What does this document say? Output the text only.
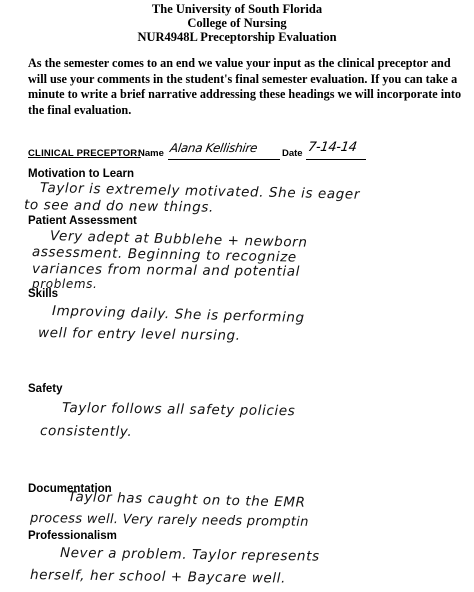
The University of South Florida
College of Nursing
NUR4948L Preceptorship Evaluation
As the semester comes to an end we value your input as the clinical preceptor and will use your comments in the student's final semester evaluation. If you can take a minute to write a brief narrative addressing these headings we will incorporate into the final evaluation.
CLINICAL PRECEPTOR:
Name Alana Kellishire	Date 7-14-14
Motivation to Learn
Taylor is extremely motivated. She is eager
to see and do new things.
Patient Assessment
Very adept at Bubblehe + newborn
assessment. Beginning to recognize
variances from normal and potential
problems.
Skills
Improving daily. She is performing
well for entry level nursing.
Safety
Taylor follows all safety policies
consistently.
Documentation
Taylor has caught on to the EMR
process well. Very rarely needs promptin
Professionalism
Never a problem. Taylor represents
herself, her school + Baycare well.
